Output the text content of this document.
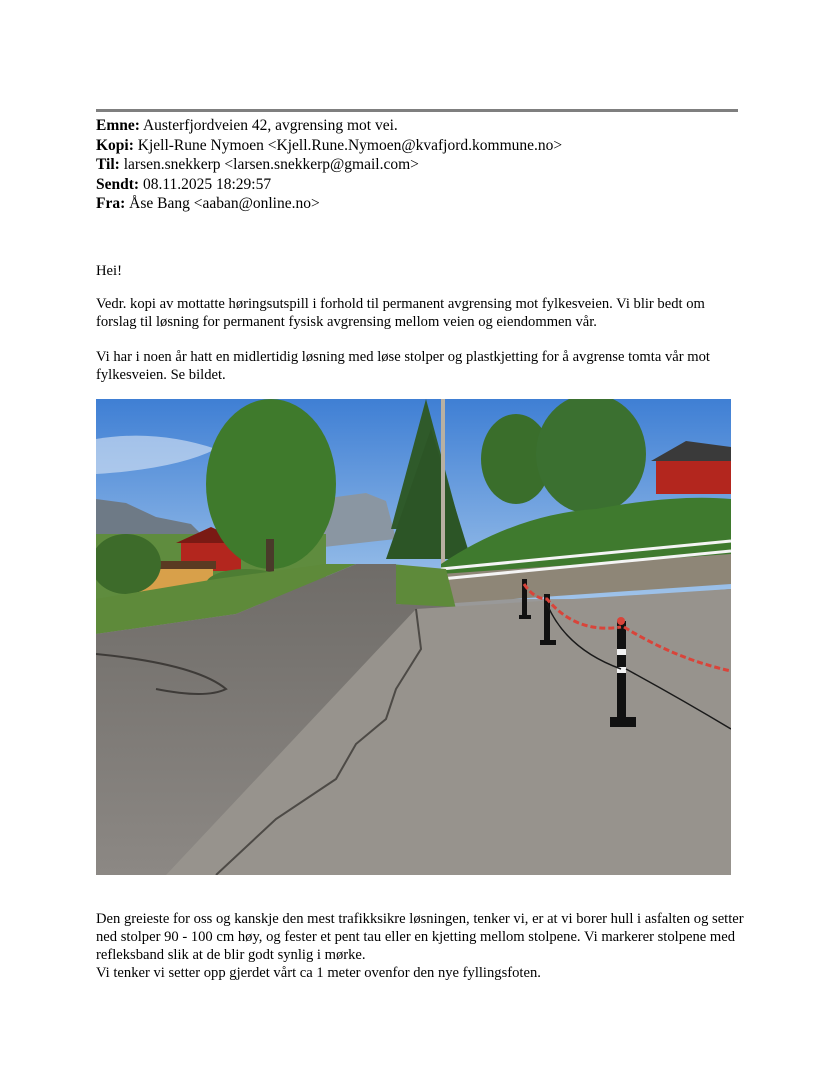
Emne: Austerfjordveien 42, avgrensing mot vei.
Kopi: Kjell-Rune Nymoen <Kjell.Rune.Nymoen@kvafjord.kommune.no>
Til: larsen.snekkerp <larsen.snekkerp@gmail.com>
Sendt: 08.11.2025 18:29:57
Fra: Åse Bang <aaban@online.no>

Hei!

Vedr. kopi av mottatte høringsutspill i forhold til permanent avgrensing mot fylkesveien. Vi blir bedt om forslag til løsning for permanent fysisk avgrensing mellom veien og eiendommen vår.

Vi har i noen år hatt en midlertidig løsning med løse stolper og plastkjetting for å avgrense tomta vår mot fylkesveien. Se bildet.

Den greieste for oss og kanskje den mest trafikksikre løsningen, tenker vi, er at vi borer hull i asfalten og setter ned stolper 90 - 100 cm høy, og fester et pent tau eller en kjetting mellom stolpene. Vi markerer stolpene med refleksband slik at de blir godt synlig i mørke.

Vi tenker vi setter opp gjerdet vårt ca 1 meter ovenfor den nye fyllingsfoten.
